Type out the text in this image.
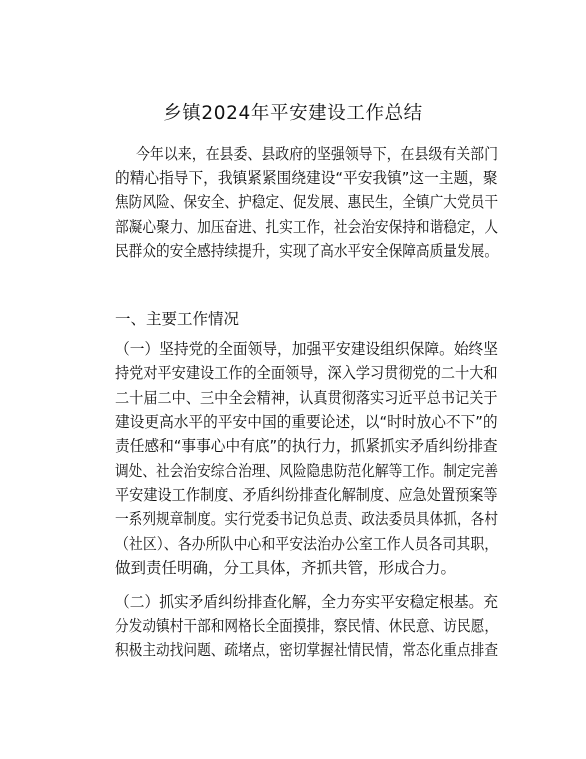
乡镇2024年平安建设工作总结
今年以来，在县委、县政府的坚强领导下，在县级有关部门
的精心指导下，我镇紧紧围绕建设“平安我镇”这一主题，聚
焦防风险、保安全、护稳定、促发展、惠民生，全镇广大党员干
部凝心聚力、加压奋进、扎实工作，社会治安保持和谐稳定，人
民群众的安全感持续提升，实现了高水平安全保障高质量发展。
一、主要工作情况
（一）坚持党的全面领导，加强平安建设组织保障。始终坚
持党对平安建设工作的全面领导，深入学习贯彻党的二十大和
二十届二中、三中全会精神，认真贯彻落实习近平总书记关于
建设更高水平的平安中国的重要论述，以“时时放心不下”的
责任感和“事事心中有底”的执行力，抓紧抓实矛盾纠纷排查
调处、社会治安综合治理、风险隐患防范化解等工作。制定完善
平安建设工作制度、矛盾纠纷排查化解制度、应急处置预案等
一系列规章制度。实行党委书记负总责、政法委员具体抓，各村
（社区）、各办所队中心和平安法治办公室工作人员各司其职，
做到责任明确，分工具体，齐抓共管，形成合力。
（二）抓实矛盾纠纷排查化解，全力夯实平安稳定根基。充
分发动镇村干部和网格长全面摸排，察民情、休民意、访民愿，
积极主动找问题、疏堵点，密切掌握社情民情，常态化重点排查
